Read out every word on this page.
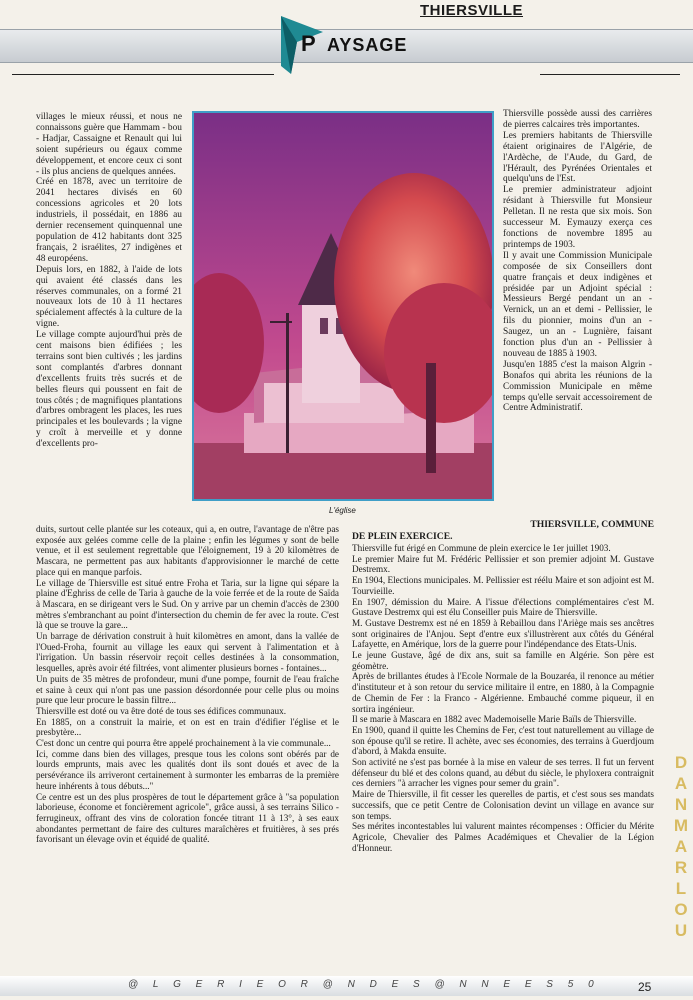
THIERSVILLE
P AYSAGE

villages le mieux réussi, et nous ne connaissons guère que Hammam - bou - Hadjar, Cassaigne et Renault qui lui soient supérieurs ou égaux comme développement, et encore ceux ci sont - ils plus anciens de quelques années.

Créé en 1878, avec un territoire de 2041 hectares divisés en 60 concessions agricoles et 20 lots industriels, il possédait, en 1886 au dernier recensement quinquennal une population de 412 habitants dont 325 français, 2 israélites, 27 indigènes et 48 européens.

Depuis lors, en 1882, à l'aide de lots qui avaient été classés dans les réserves communales, on a formé 21 nouveaux lots de 10 à 11 hectares spécialement affectés à la culture de la vigne.

Le village compte aujourd'hui près de cent maisons bien édifiées ; les terrains sont bien cultivés ; les jardins sont complantés d'arbres donnant d'excellents fruits très sucrés et de belles fleurs qui poussent en fait de tous côtés ; de magnifiques plantations d'arbres ombragent les places, les rues principales et les boulevards ; la vigne y croît à merveille et y donne d'excellents pro-

L'église

Thiersville possède aussi des carrières de pierres calcaires très importantes.

Les premiers habitants de Thiersville étaient originaires de l'Algérie, de l'Ardèche, de l'Aude, du Gard, de l'Hérault, des Pyrénées Orientales et quelqu'uns de l'Est.

Le premier administrateur adjoint résidant à Thiersville fut Monsieur Pelletan. Il ne resta que six mois. Son successeur M. Eymauzy exerça ces fonctions de novembre 1895 au printemps de 1903.

Il y avait une Commission Municipale composée de six Conseillers dont quatre français et deux indigènes et présidée par un Adjoint spécial : Messieurs Bergé pendant un an - Vernick, un an et demi - Pellissier, le fils du pionnier, moins d'un an - Saugez, un an - Lugnière, faisant fonction plus d'un an - Pellissier à nouveau de 1885 à 1903.

Jusqu'en 1885 c'est la maison Algrin - Bonafos qui abrita les réunions de la Commission Municipale en même temps qu'elle servait accessoirement de Centre Administratif.

THIERSVILLE, COMMUNE
DE PLEIN EXERCICE.

duits, surtout celle plantée sur les coteaux, qui a, en outre, l'avantage de n'être pas exposée aux gelées comme celle de la plaine ; enfin les légumes y sont de belle venue, et il est seulement regrettable que l'éloignement, 19 à 20 kilomètres de Mascara, ne permettent pas aux habitants d'approvisionner le marché de cette place qui en manque parfois.

Le village de Thiersville est situé entre Froha et Taria, sur la ligne qui sépare la plaine d'Eghriss de celle de Taria à gauche de la voie ferrée et de la route de Saïda à Mascara, en se dirigeant vers le Sud. On y arrive par un chemin d'accès de 2300 mètres s'embranchant au point d'intersection du chemin de fer avec la route. C'est là que se trouve la gare...

Un barrage de dérivation construit à huit kilomètres en amont, dans la vallée de l'Oued-Froha, fournit au village les eaux qui servent à l'alimentation et à l'irrigation. Un bassin réservoir reçoit celles destinées à la consommation, lesquelles, après avoir été filtrées, vont alimenter plusieurs bornes - fontaines...

Un puits de 35 mètres de profondeur, muni d'une pompe, fournit de l'eau fraîche et saine à ceux qui n'ont pas une passion désordonnée pour celle plus ou moins pure que leur procure le bassin filtre...

Thiersville est doté ou va être doté de tous ses édifices communaux.

En 1885, on a construit la mairie, et on est en train d'édifier l'église et le presbytère...

C'est donc un centre qui pourra être appelé prochainement à la vie communale...

Ici, comme dans bien des villages, presque tous les colons sont obérés par de lourds emprunts, mais avec les qualités dont ils sont doués et avec de la persévérance ils arriveront certainement à surmonter les embarras de la première heure inhérents à tous débuts..."

Ce centre est un des plus prospères de tout le département grâce à "sa population laborieuse, économe et foncièrement agricole", grâce aussi, à ses terrains Silico - ferrugineux, offrant des vins de coloration foncée titrant 11 à 13°, à ses eaux abondantes permettant de faire des cultures maraîchères et fruitières, à ses prés favorisant un élevage ovin et équidé de qualité.

Thiersville fut érigé en Commune de plein exercice le 1er juillet 1903.

Le premier Maire fut M. Frédéric Pellissier et son premier adjoint M. Gustave Destremx.

En 1904, Elections municipales. M. Pellissier est réélu Maire et son adjoint est M. Tourvieille.

En 1907, démission du Maire. A l'issue d'élections complémentaires c'est M. Gustave Destremx qui est élu Conseiller puis Maire de Thiersville.

M. Gustave Destremx est né en 1859 à Rebaillou dans l'Ariège mais ses ancêtres sont originaires de l'Anjou. Sept d'entre eux s'illustrèrent aux côtés du Général Lafayette, en Amérique, lors de la guerre pour l'indépendance des Etats-Unis.

Le jeune Gustave, âgé de dix ans, suit sa famille en Algérie. Son père est géomètre.

Après de brillantes études à l'Ecole Normale de la Bouzaréa, il renonce au métier d'instituteur et à son retour du service militaire il entre, en 1880, à la Compagnie de Chemin de Fer : la Franco - Algérienne. Embauché comme piqueur, il en sortira ingénieur.

Il se marie à Mascara en 1882 avec Mademoiselle Marie Baïls de Thiersville.

En 1900, quand il quitte les Chemins de Fer, c'est tout naturellement au village de son épouse qu'il se retire. Il achète, avec ses économies, des terrains à Guerdjoum d'abord, à Makda ensuite.

Son activité ne s'est pas bornée à la mise en valeur de ses terres. Il fut un fervent défenseur du blé et des colons quand, au début du siècle, le phyloxera contraignit ces derniers "à arracher les vignes pour semer du grain".

Maire de Thiersville, il fit cesser les querelles de partis, et c'est sous ses mandats successifs, que ce petit Centre de Colonisation devint un village en avance sur son temps.

Ses mérites incontestables lui valurent maintes récompenses : Officier du Mérite Agricole, Chevalier des Palmes Académiques et Chevalier de la Légion d'Honneur.

DANMARLOU
@ L G E R I E O R @ N D E S @ N N E E S 5 0	25
